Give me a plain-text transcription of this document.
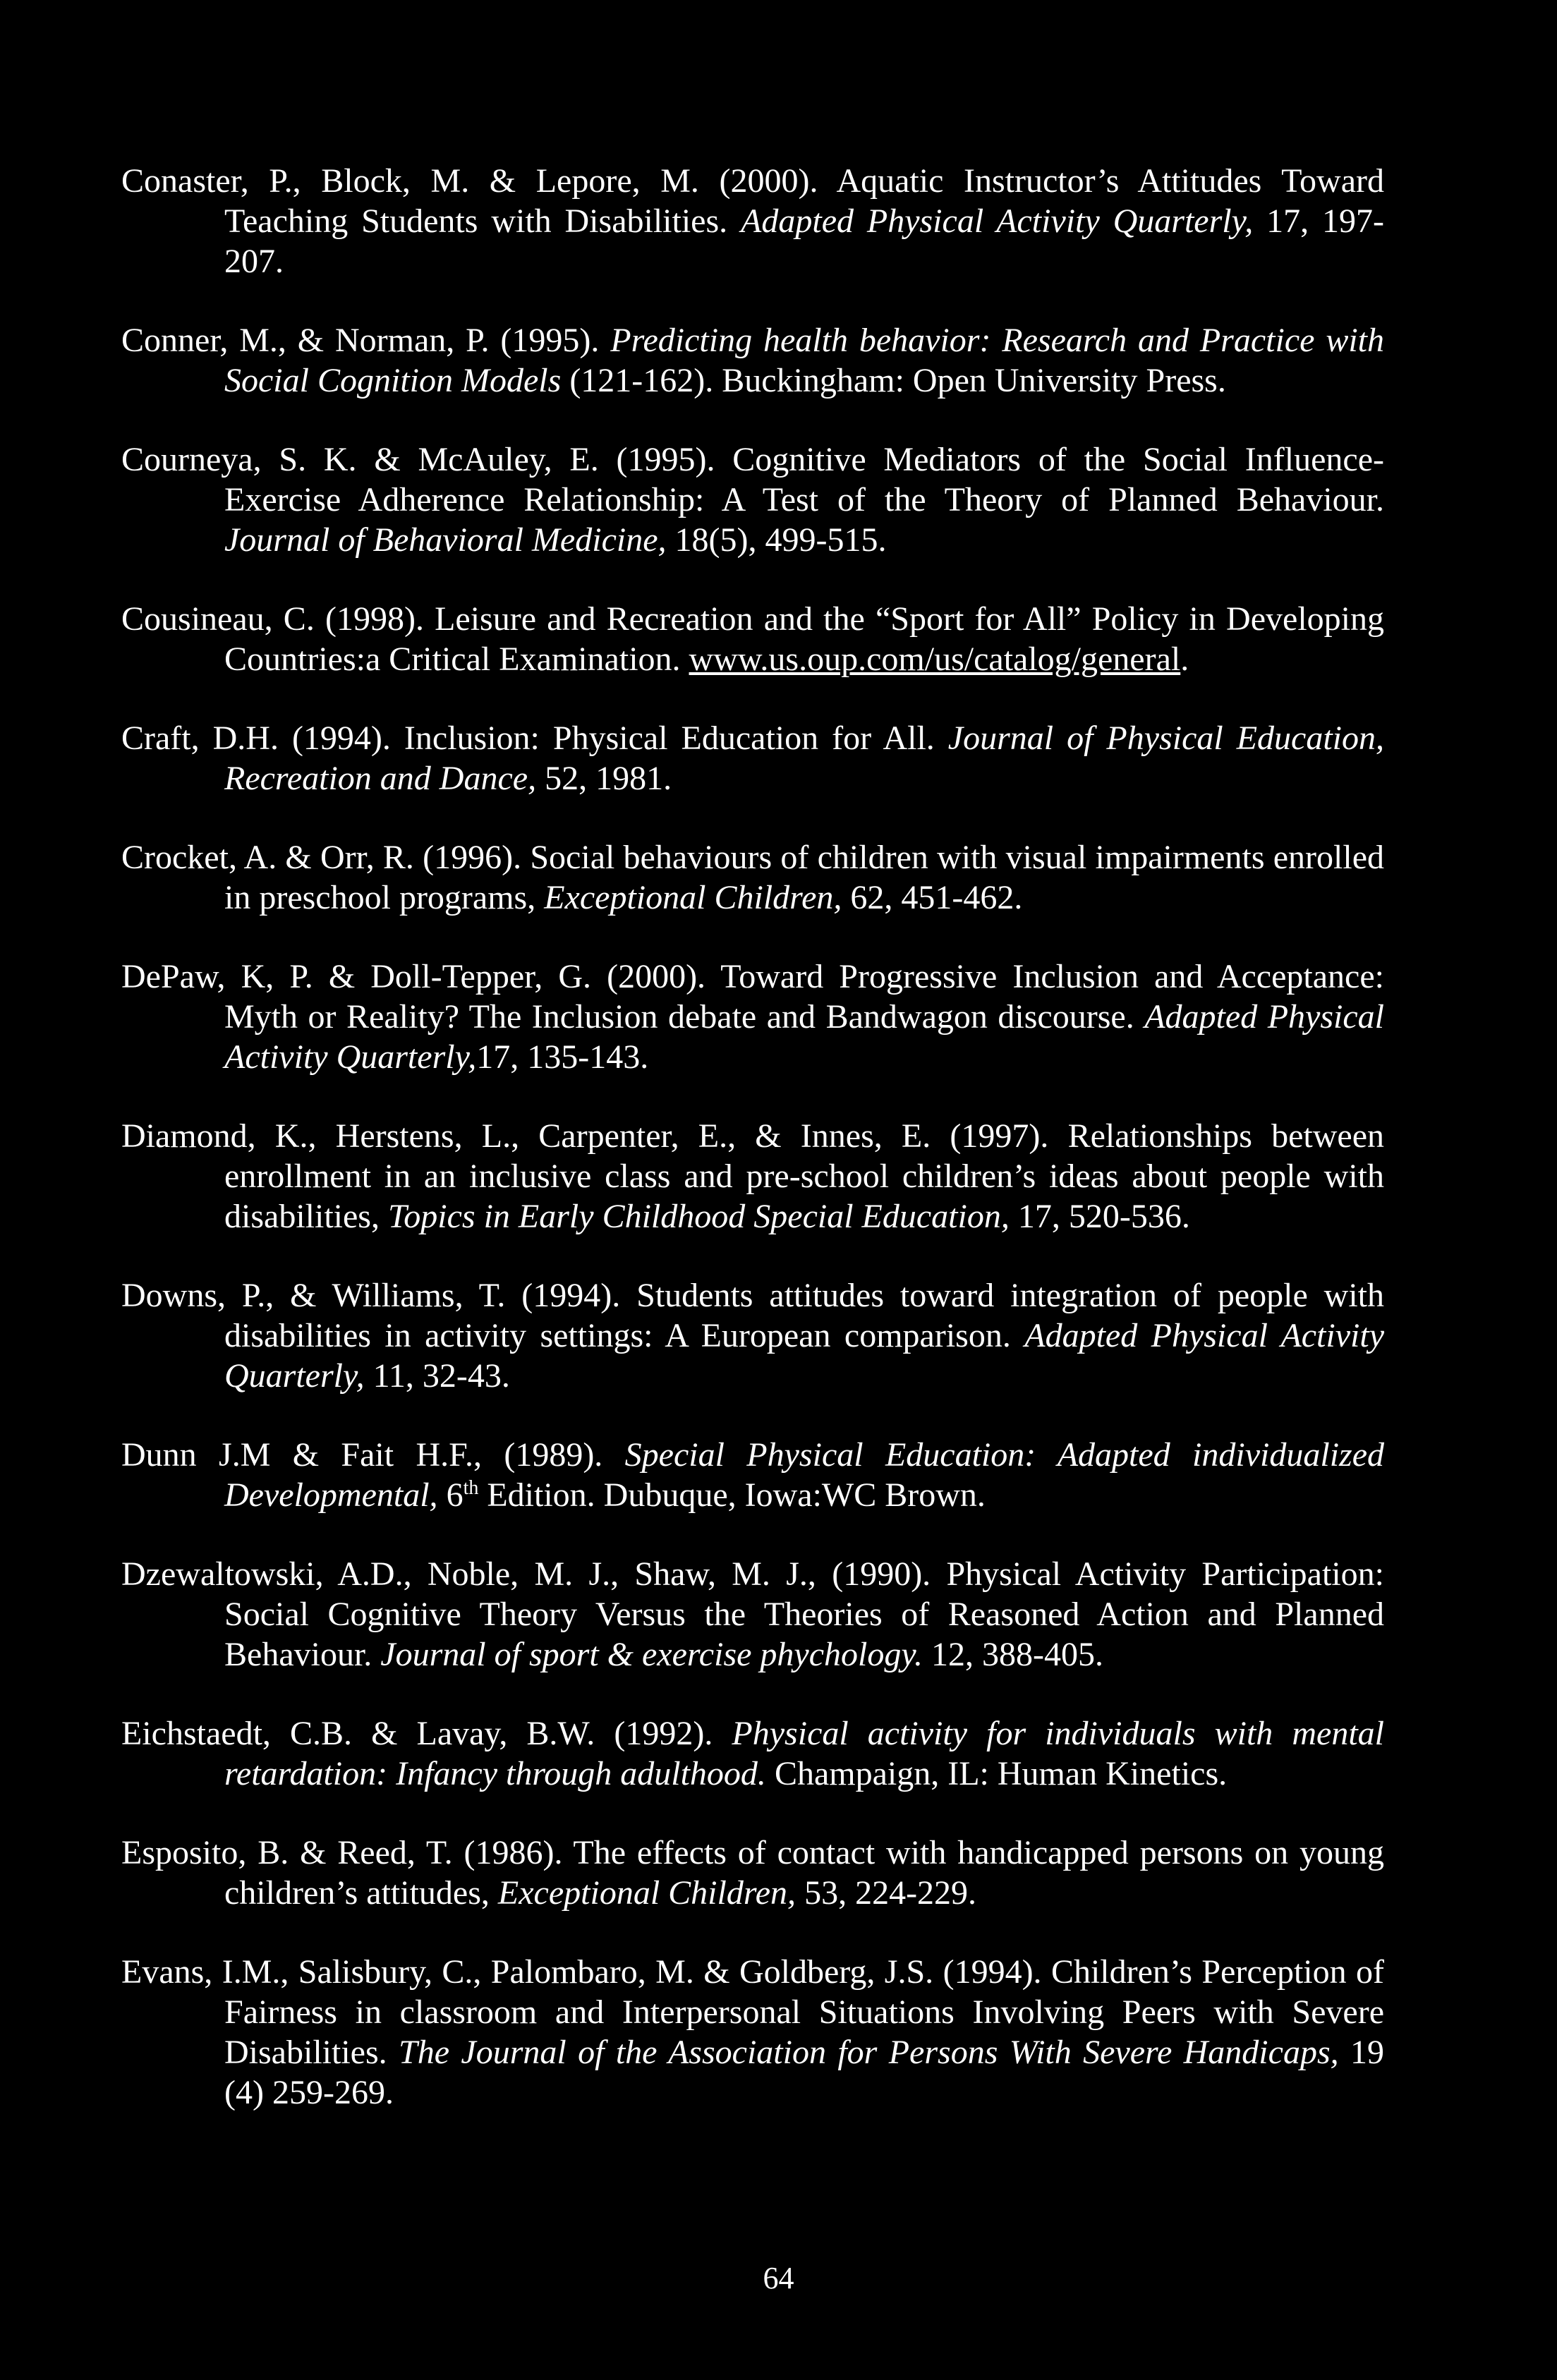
Conaster, P., Block, M. & Lepore, M. (2000). Aquatic Instructor’s Attitudes Toward Teaching Students with Disabilities. Adapted Physical Activity Quarterly, 17, 197-207.
Conner, M., & Norman, P. (1995). Predicting health behavior: Research and Practice with Social Cognition Models (121-162). Buckingham: Open University Press.
Courneya, S. K. & McAuley, E. (1995). Cognitive Mediators of the Social Influence-Exercise Adherence Relationship: A Test of the Theory of Planned Behaviour. Journal of Behavioral Medicine, 18(5), 499-515.
Cousineau, C. (1998). Leisure and Recreation and the “Sport for All” Policy in Developing Countries:a Critical Examination. www.us.oup.com/us/catalog/general.
Craft, D.H. (1994). Inclusion: Physical Education for All. Journal of Physical Education, Recreation and Dance, 52, 1981.
Crocket, A. & Orr, R. (1996). Social behaviours of children with visual impairments enrolled in preschool programs, Exceptional Children, 62, 451-462.
DePaw, K, P. & Doll-Tepper, G. (2000). Toward Progressive Inclusion and Acceptance: Myth or Reality? The Inclusion debate and Bandwagon discourse. Adapted Physical Activity Quarterly,17, 135-143.
Diamond, K., Herstens, L., Carpenter, E., & Innes, E. (1997). Relationships between enrollment in an inclusive class and pre-school children’s ideas about people with disabilities, Topics in Early Childhood Special Education, 17, 520-536.
Downs, P., & Williams, T. (1994). Students attitudes toward integration of people with disabilities in activity settings: A European comparison. Adapted Physical Activity Quarterly, 11, 32-43.
Dunn J.M & Fait H.F., (1989). Special Physical Education: Adapted individualized Developmental, 6th Edition. Dubuque, Iowa:WC Brown.
Dzewaltowski, A.D., Noble, M. J., Shaw, M. J., (1990). Physical Activity Participation: Social Cognitive Theory Versus the Theories of Reasoned Action and Planned Behaviour. Journal of sport & exercise phychology. 12, 388-405.
Eichstaedt, C.B. & Lavay, B.W. (1992). Physical activity for individuals with mental retardation: Infancy through adulthood. Champaign, IL: Human Kinetics.
Esposito, B. & Reed, T. (1986). The effects of contact with handicapped persons on young children’s attitudes, Exceptional Children, 53, 224-229.
Evans, I.M., Salisbury, C., Palombaro, M. & Goldberg, J.S. (1994). Children’s Perception of Fairness in classroom and Interpersonal Situations Involving Peers with Severe Disabilities. The Journal of the Association for Persons With Severe Handicaps, 19 (4) 259-269.
64
